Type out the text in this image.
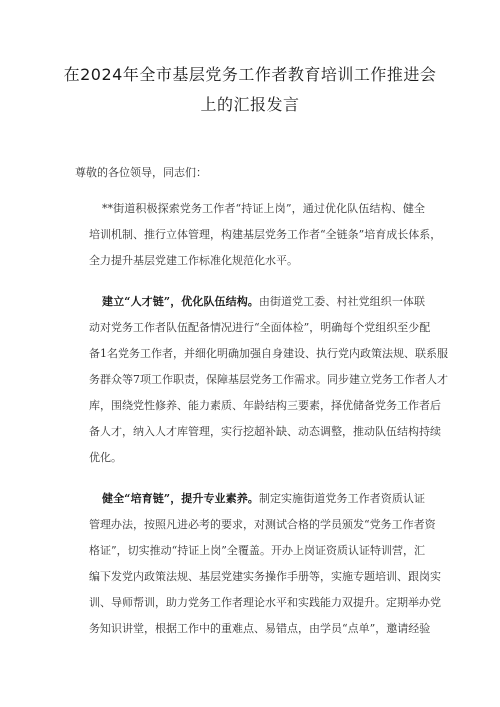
在2024年全市基层党务工作者教育培训工作推进会
上的汇报发言
尊敬的各位领导，同志们：
**街道积极探索党务工作者“持证上岗”，通过优化队伍结构、健全
培训机制、推行立体管理，构建基层党务工作者“全链条”培育成长体系，
全力提升基层党建工作标准化规范化水平。
建立“人才链”，优化队伍结构。由街道党工委、村社党组织一体联
动对党务工作者队伍配备情况进行“全面体检”，明确每个党组织至少配
备1名党务工作者，并细化明确加强自身建设、执行党内政策法规、联系服
务群众等7项工作职责，保障基层党务工作需求。同步建立党务工作者人才
库，围绕党性修养、能力素质、年龄结构三要素，择优储备党务工作者后
备人才，纳入人才库管理，实行挖超补缺、动态调整，推动队伍结构持续
优化。
健全“培育链”，提升专业素养。制定实施街道党务工作者资质认证
管理办法，按照凡进必考的要求，对测试合格的学员颁发“党务工作者资
格证”，切实推动“持证上岗”全覆盖。开办上岗证资质认证特训营，汇
编下发党内政策法规、基层党建实务操作手册等，实施专题培训、跟岗实
训、导师帮训，助力党务工作者理论水平和实践能力双提升。定期举办党
务知识讲堂，根据工作中的重难点、易错点，由学员“点单”，邀请经验
